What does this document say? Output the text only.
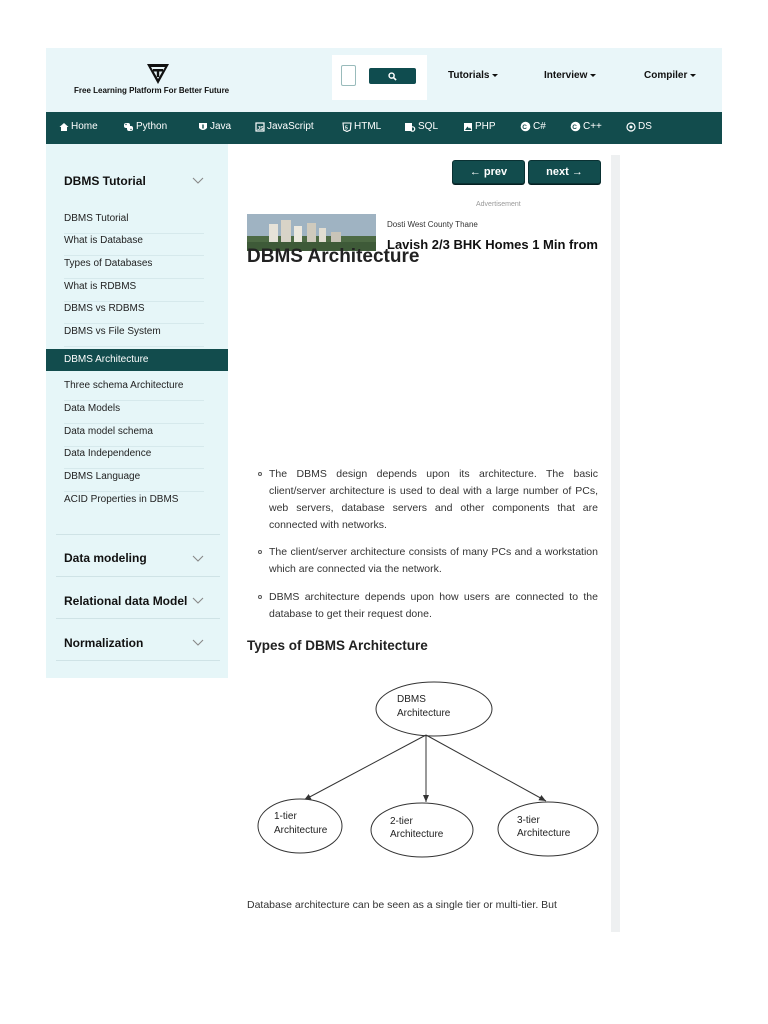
Free Learning Platform For Better Future
Tutorials	Interview	Compiler
Home	Python	Java	JS JavaScript	5 HTML	SQL	PHP	C C#	C C++	DS
DBMS Tutorial
DBMS Tutorial
What is Database
Types of Databases
What is RDBMS
DBMS vs RDBMS
DBMS vs File System
DBMS Architecture
Three schema Architecture
Data Models
Data model schema
Data Independence
DBMS Language
ACID Properties in DBMS
Data modeling
Relational data Model
Normalization
← prev	next →
Advertisement
Dosti West County Thane
Lavish 2/3 BHK Homes 1 Min from
DBMS Architecture
The DBMS design depends upon its architecture. The basic client/server architecture is used to deal with a large number of PCs, web servers, database servers and other components that are connected with networks.
The client/server architecture consists of many PCs and a workstation which are connected via the network.
DBMS architecture depends upon how users are connected to the database to get their request done.
Types of DBMS Architecture
DBMS Architecture
1-tier Architecture 2-tier Architecture 3-tier Architecture
Database architecture can be seen as a single tier or multi-tier. But
